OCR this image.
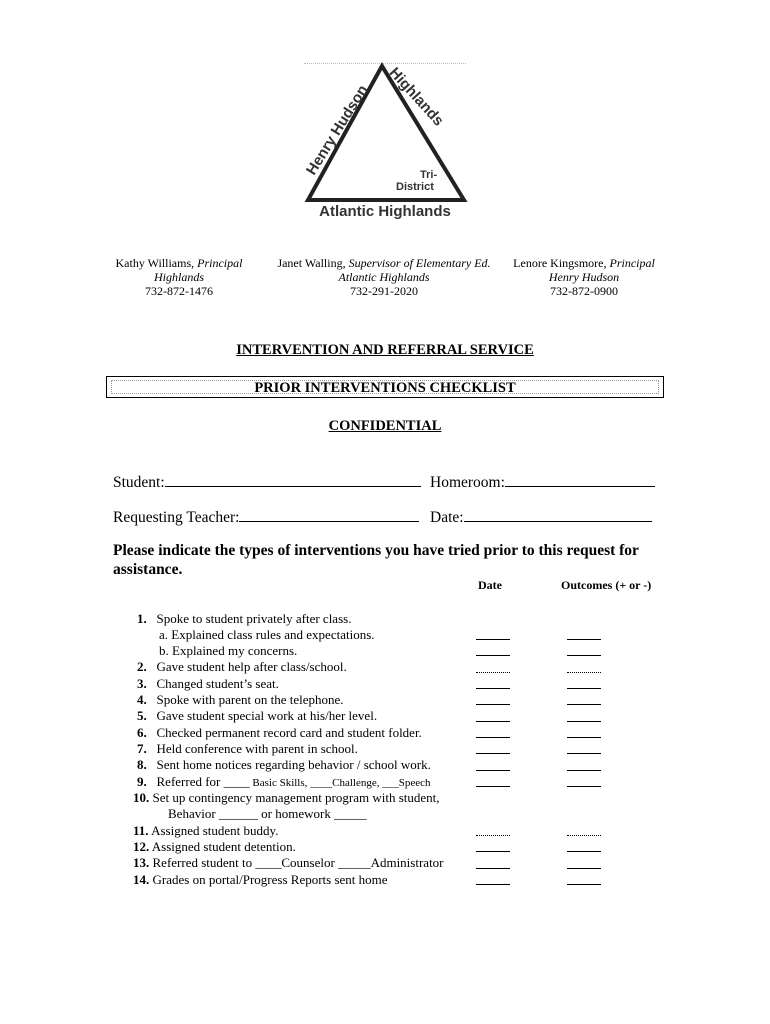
Henry Hudson
Highlands
Tri-
District
Atlantic Highlands
Kathy Williams, Principal
Highlands
732-872-1476
Janet Walling, Supervisor of Elementary Ed.
Atlantic Highlands
732-291-2020
Lenore Kingsmore, Principal
Henry Hudson
732-872-0900
INTERVENTION AND REFERRAL SERVICE
PRIOR INTERVENTIONS CHECKLIST
CONFIDENTIAL
Student:	Homeroom:
Requesting Teacher:	Date:
Please indicate the types of interventions you have tried prior to this request for assistance.
Date	Outcomes (+ or -)
1. Spoke to student privately after class.
a. Explained class rules and expectations.
b. Explained my concerns.
2. Gave student help after class/school.
3. Changed student’s seat.
4. Spoke with parent on the telephone.
5. Gave student special work at his/her level.
6. Checked permanent record card and student folder.
7. Held conference with parent in school.
8. Sent home notices regarding behavior / school work.
9. Referred for ____ Basic Skills, ____Challenge, ___Speech
10. Set up contingency management program with student,
Behavior ______ or homework _____
11. Assigned student buddy.
12. Assigned student detention.
13. Referred student to ____Counselor _____Administrator
14. Grades on portal/Progress Reports sent home
